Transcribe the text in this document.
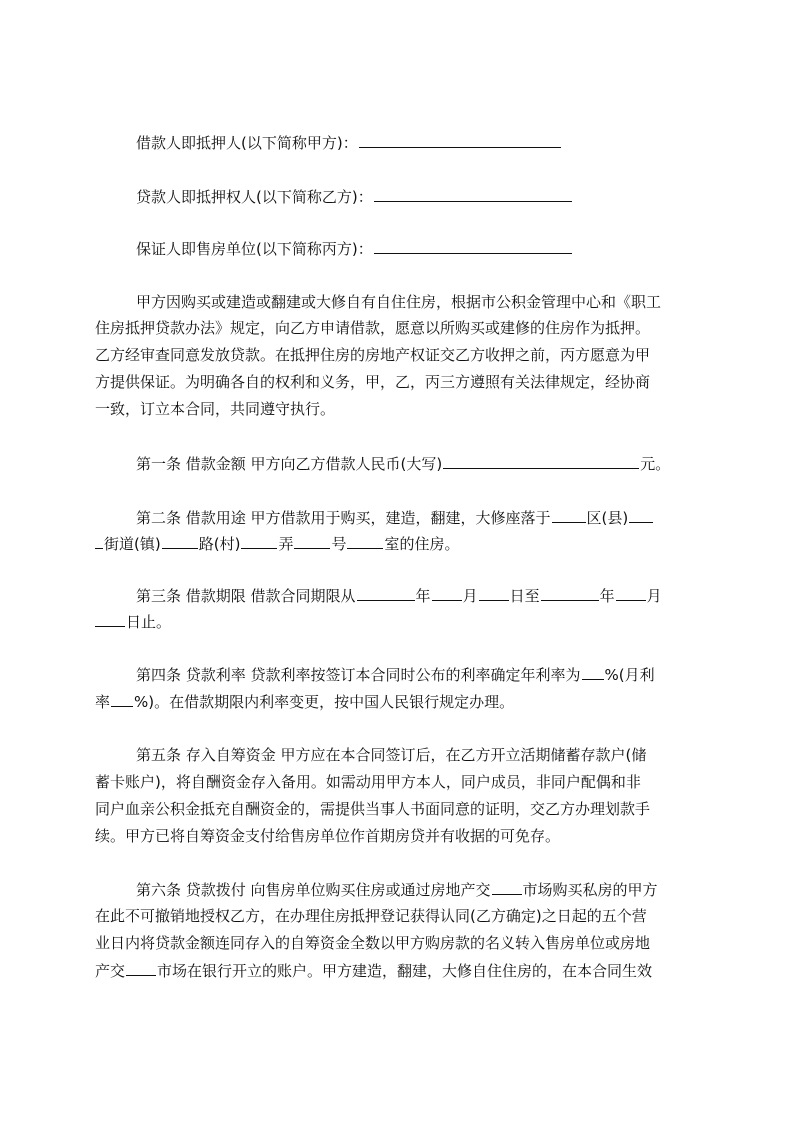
借款人即抵押人(以下简称甲方)：
贷款人即抵押权人(以下简称乙方)：
保证人即售房单位(以下简称丙方)：
甲方因购买或建造或翻建或大修自有自住住房，根据市公积金管理中心和《职工
住房抵押贷款办法》规定，向乙方申请借款，愿意以所购买或建修的住房作为抵押。
乙方经审查同意发放贷款。在抵押住房的房地产权证交乙方收押之前，丙方愿意为甲
方提供保证。为明确各自的权利和义务，甲，乙，丙三方遵照有关法律规定，经协商
一致，订立本合同，共同遵守执行。
第一条 借款金额 甲方向乙方借款人民币(大写)	元。
第二条 借款用途 甲方借款用于购买，建造，翻建，大修座落于 区(县)
街道(镇)	路(村)	弄	号	室的住房。
第三条 借款期限 借款合同期限从	年 月 日至	年 月
日止。
第四条 贷款利率 贷款利率按签订本合同时公布的利率确定年利率为 %(月利
率 %)。在借款期限内利率变更，按中国人民银行规定办理。
第五条 存入自筹资金 甲方应在本合同签订后，在乙方开立活期储蓄存款户(储
蓄卡账户)，将自酬资金存入备用。如需动用甲方本人，同户成员，非同户配偶和非
同户血亲公积金抵充自酬资金的，需提供当事人书面同意的证明，交乙方办理划款手
续。甲方已将自筹资金支付给售房单位作首期房贷并有收据的可免存。
第六条 贷款拨付 向售房单位购买住房或通过房地产交 市场购买私房的甲方
在此不可撤销地授权乙方，在办理住房抵押登记获得认同(乙方确定)之日起的五个营
业日内将贷款金额连同存入的自筹资金全数以甲方购房款的名义转入售房单位或房地
产交 市场在银行开立的账户。甲方建造，翻建，大修自住住房的，在本合同生效
